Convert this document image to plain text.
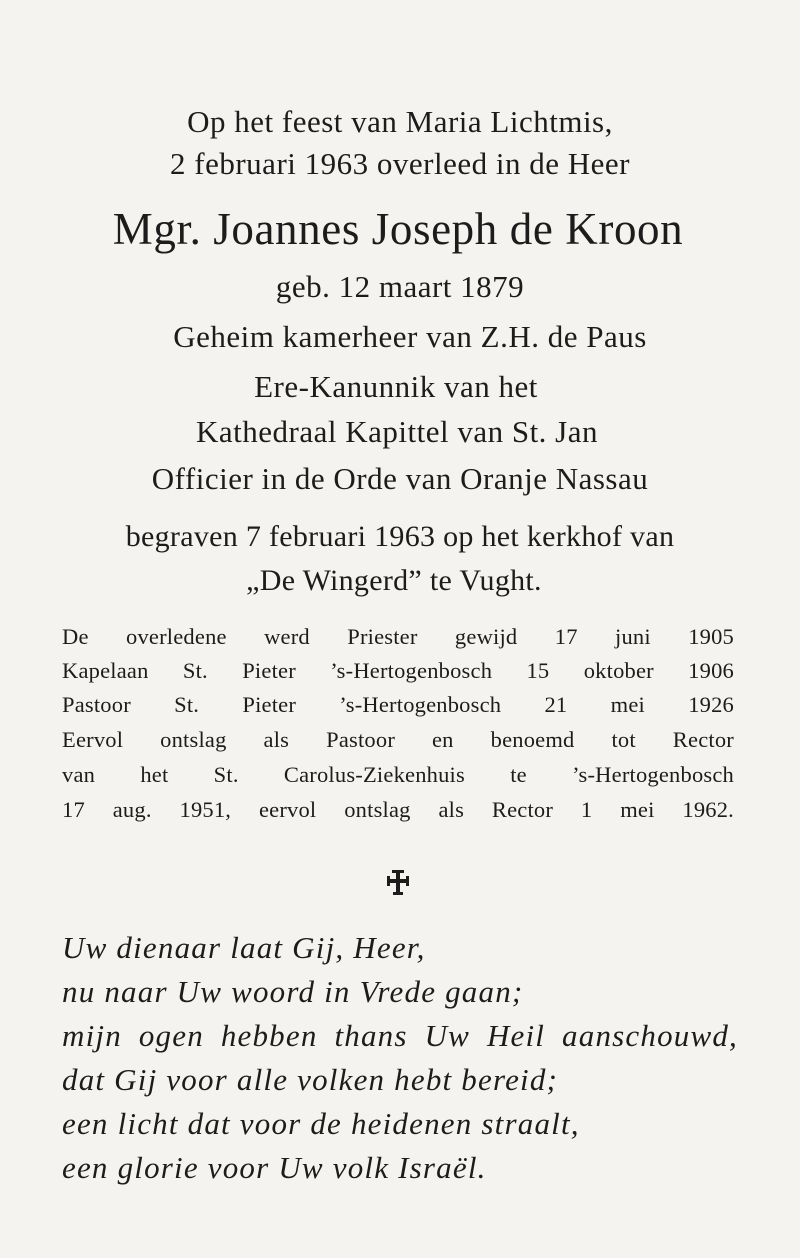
Op het feest van Maria Lichtmis,
2 februari 1963 overleed in de Heer
Mgr. Joannes Joseph de Kroon
geb. 12 maart 1879
Geheim kamerheer van Z.H. de Paus
Ere-Kanunnik van het
Kathedraal Kapittel van St. Jan
Officier in de Orde van Oranje Nassau
begraven 7 februari 1963 op het kerkhof van
„De Wingerd” te Vught.
De overledene werd Priester gewijd 17 juni 1905
Kapelaan St. Pieter ’s-Hertogenbosch 15 oktober 1906
Pastoor St. Pieter ’s-Hertogenbosch 21 mei 1926
Eervol ontslag als Pastoor en benoemd tot Rector
van het St. Carolus-Ziekenhuis te ’s-Hertogenbosch
17 aug. 1951, eervol ontslag als Rector 1 mei 1962.
Uw dienaar laat Gij, Heer,
nu naar Uw woord in Vrede gaan;
mijn ogen hebben thans Uw Heil aanschouwd,
dat Gij voor alle volken hebt bereid;
een licht dat voor de heidenen straalt,
een glorie voor Uw volk Israël.
